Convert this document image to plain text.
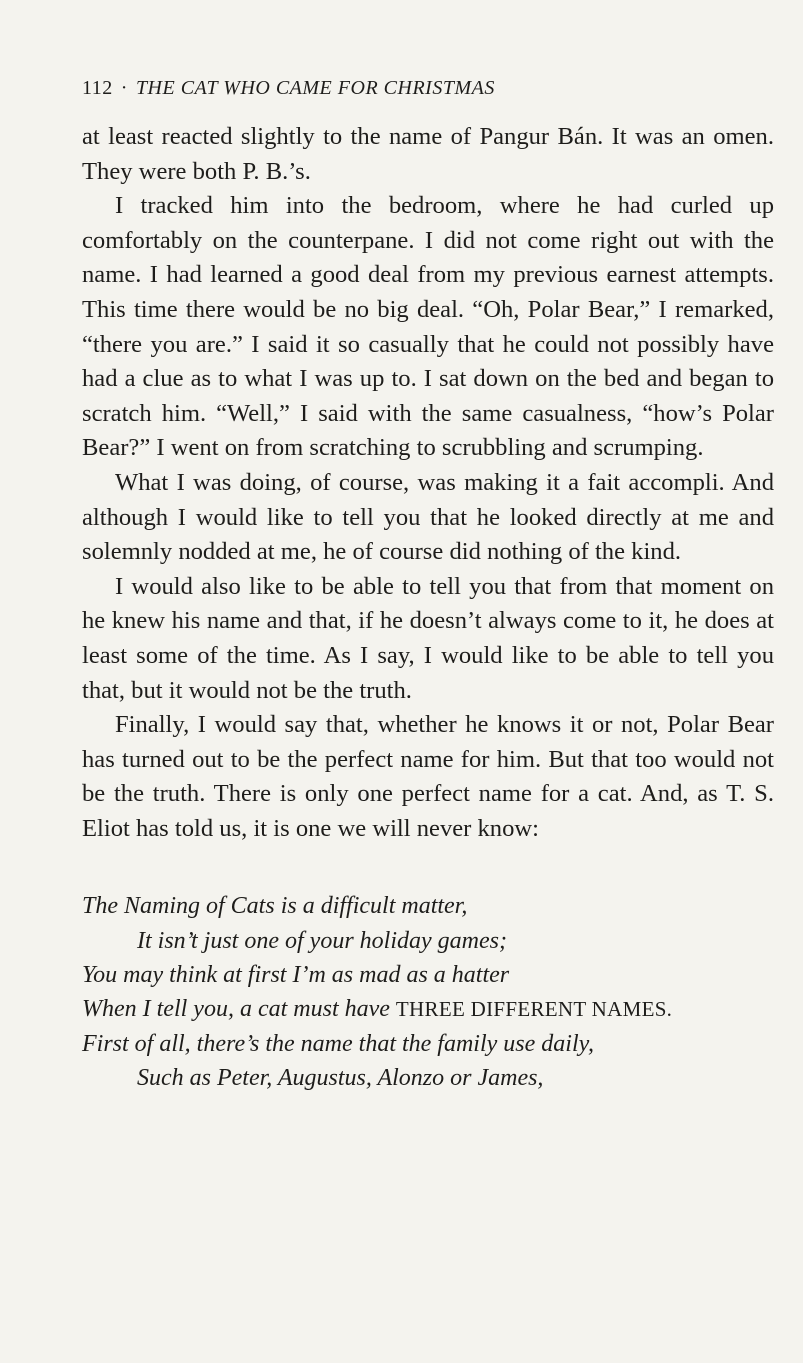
112 · THE CAT WHO CAME FOR CHRISTMAS

at least reacted slightly to the name of Pangur Bán. It was an omen. They were both P. B.’s.

I tracked him into the bedroom, where he had curled up comfortably on the counterpane. I did not come right out with the name. I had learned a good deal from my previous earnest attempts. This time there would be no big deal. “Oh, Polar Bear,” I remarked, “there you are.” I said it so casually that he could not possibly have had a clue as to what I was up to. I sat down on the bed and began to scratch him. “Well,” I said with the same casualness, “how’s Polar Bear?” I went on from scratching to scrubbling and scrumping.

What I was doing, of course, was making it a fait accompli. And although I would like to tell you that he looked directly at me and solemnly nodded at me, he of course did nothing of the kind.

I would also like to be able to tell you that from that moment on he knew his name and that, if he doesn’t always come to it, he does at least some of the time. As I say, I would like to be able to tell you that, but it would not be the truth.

Finally, I would say that, whether he knows it or not, Polar Bear has turned out to be the perfect name for him. But that too would not be the truth. There is only one perfect name for a cat. And, as T. S. Eliot has told us, it is one we will never know:

The Naming of Cats is a difficult matter,
It isn’t just one of your holiday games;
You may think at first I’m as mad as a hatter
When I tell you, a cat must have THREE DIFFERENT NAMES.
First of all, there’s the name that the family use daily,
Such as Peter, Augustus, Alonzo or James,
